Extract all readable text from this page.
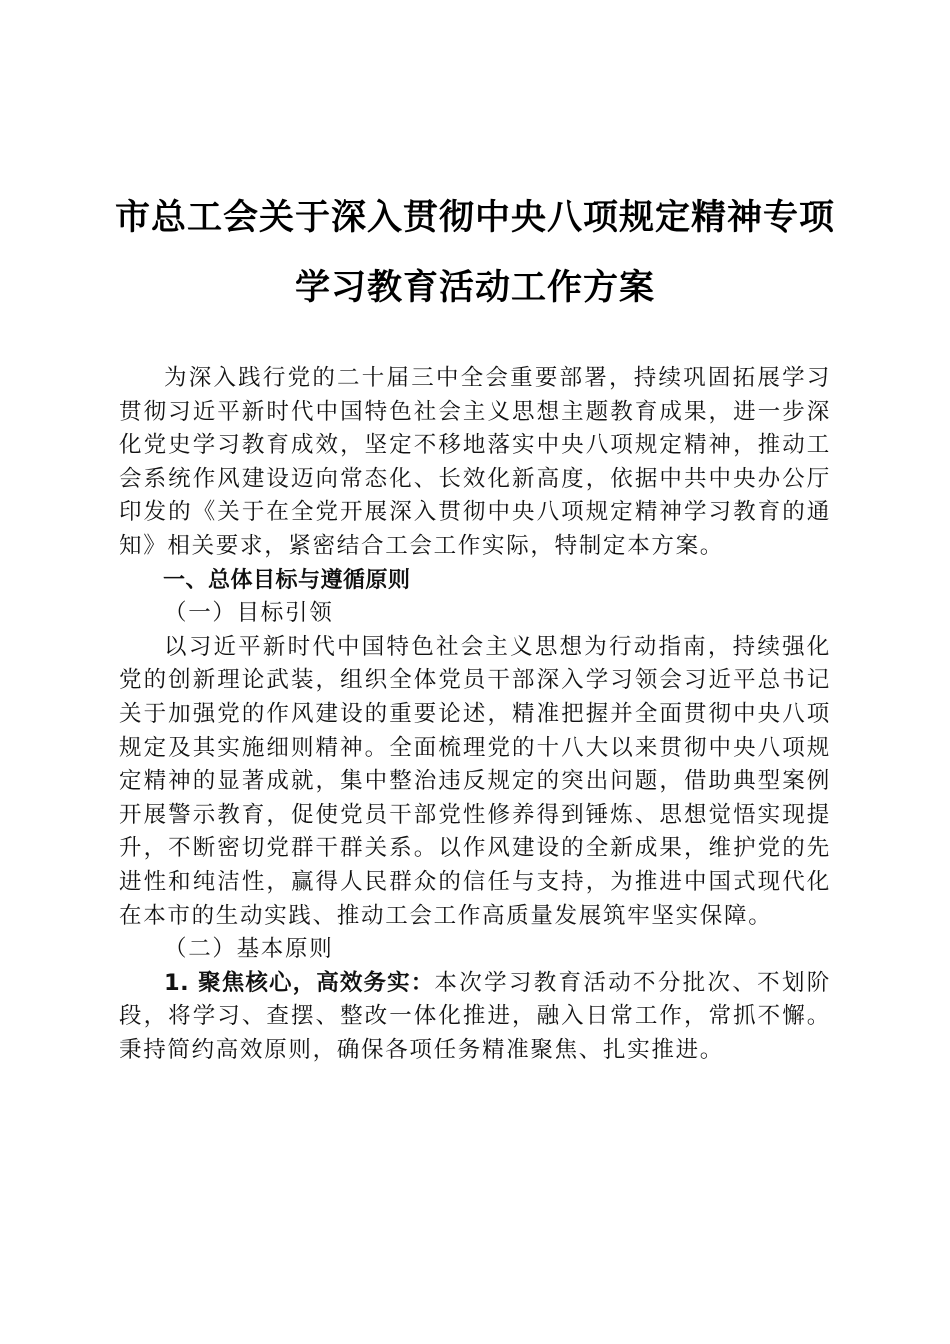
市总工会关于深入贯彻中央八项规定精神专项
学习教育活动工作方案

为深入践行党的二十届三中全会重要部署，持续巩固拓展学习贯彻习近平新时代中国特色社会主义思想主题教育成果，进一步深化党史学习教育成效，坚定不移地落实中央八项规定精神，推动工会系统作风建设迈向常态化、长效化新高度，依据中共中央办公厅印发的《关于在全党开展深入贯彻中央八项规定精神学习教育的通知》相关要求，紧密结合工会工作实际，特制定本方案。

一、总体目标与遵循原则

（一）目标引领

以习近平新时代中国特色社会主义思想为行动指南，持续强化党的创新理论武装，组织全体党员干部深入学习领会习近平总书记关于加强党的作风建设的重要论述，精准把握并全面贯彻中央八项规定及其实施细则精神。全面梳理党的十八大以来贯彻中央八项规定精神的显著成就，集中整治违反规定的突出问题，借助典型案例开展警示教育，促使党员干部党性修养得到锤炼、思想觉悟实现提升，不断密切党群干群关系。以作风建设的全新成果，维护党的先进性和纯洁性，赢得人民群众的信任与支持，为推进中国式现代化在本市的生动实践、推动工会工作高质量发展筑牢坚实保障。

（二）基本原则

1. 聚焦核心，高效务实：本次学习教育活动不分批次、不划阶段，将学习、查摆、整改一体化推进，融入日常工作，常抓不懈。秉持简约高效原则，确保各项任务精准聚焦、扎实推进。
